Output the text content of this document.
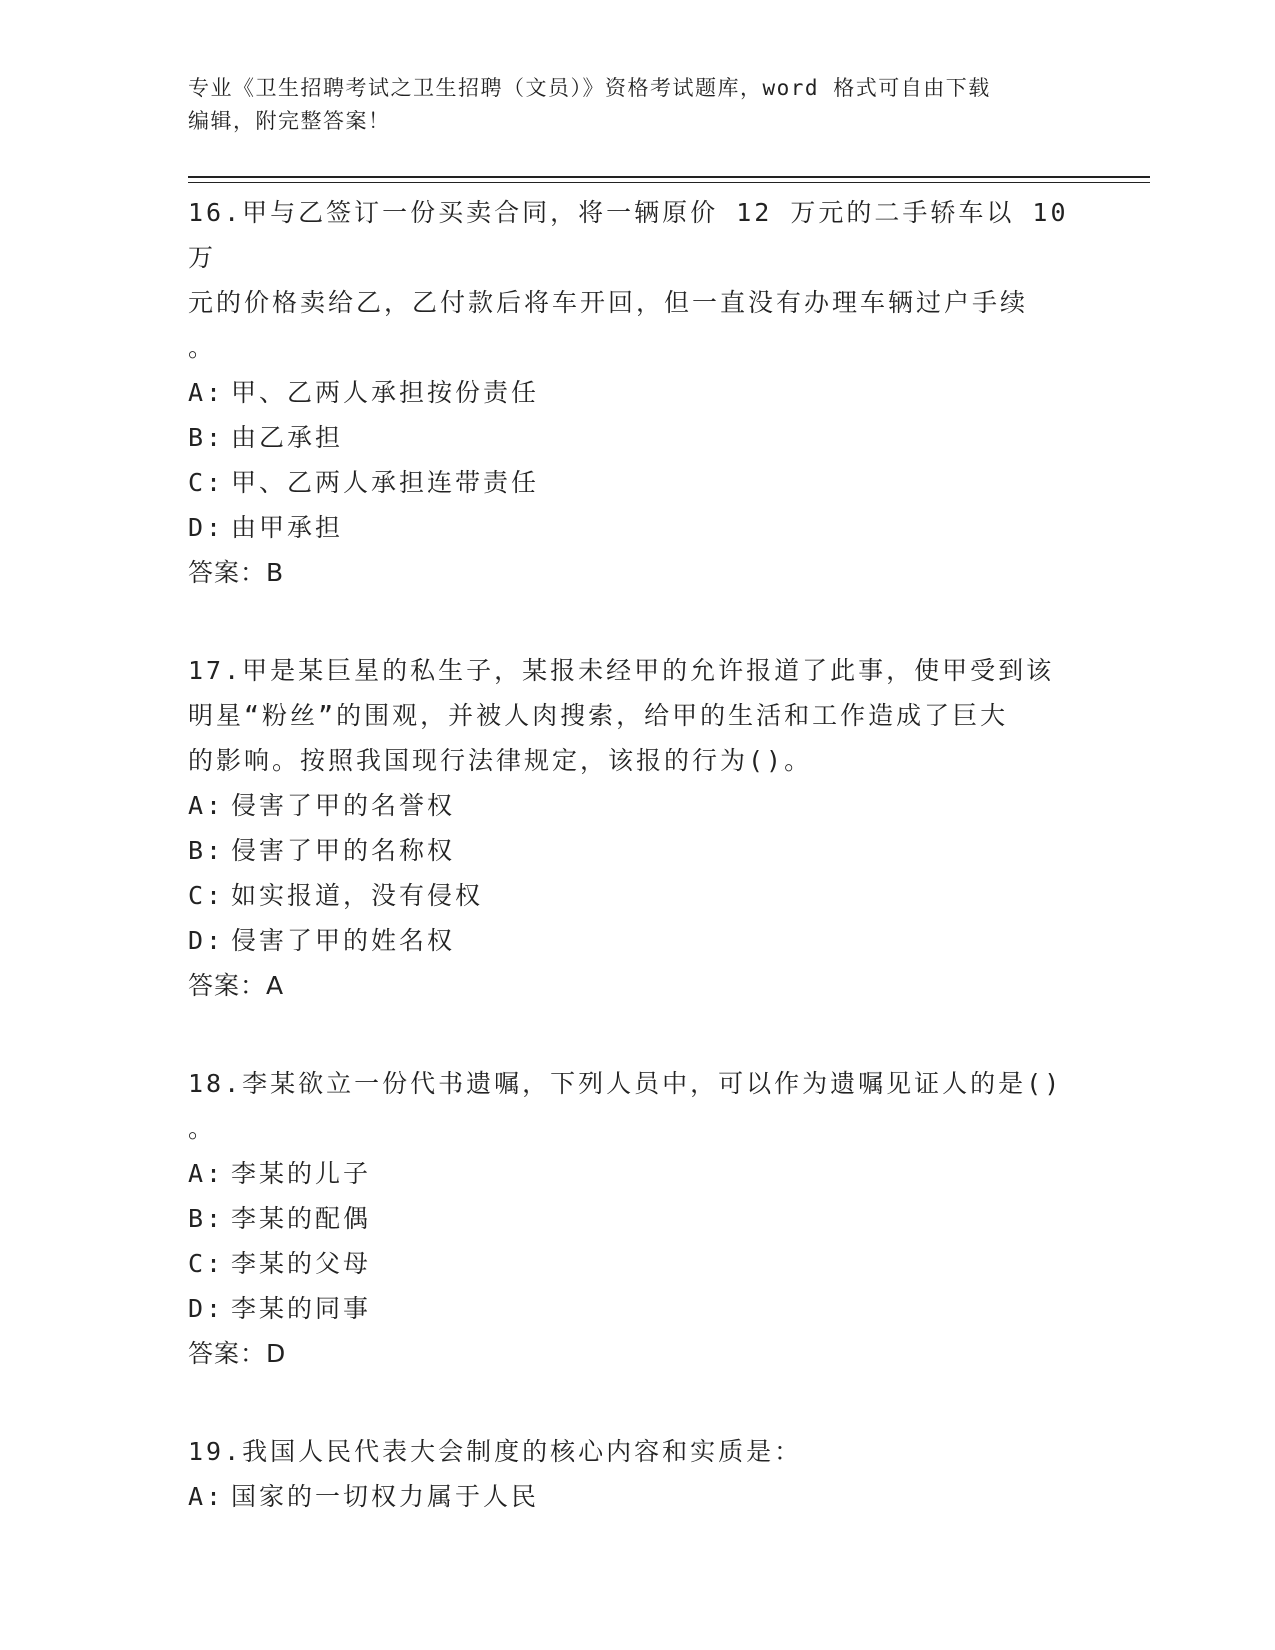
专业《卫生招聘考试之卫生招聘（文员）》资格考试题库，word 格式可自由下载
编辑，附完整答案！
16.甲与乙签订一份买卖合同，将一辆原价 12 万元的二手轿车以 10 万
元的价格卖给乙，乙付款后将车开回，但一直没有办理车辆过户手续
。
A: 甲、乙两人承担按份责任
B: 由乙承担
C: 甲、乙两人承担连带责任
D: 由甲承担
答案：B
17.甲是某巨星的私生子，某报未经甲的允许报道了此事，使甲受到该
明星“粉丝”的围观，并被人肉搜索，给甲的生活和工作造成了巨大
的影响。按照我国现行法律规定，该报的行为()。
A: 侵害了甲的名誉权
B: 侵害了甲的名称权
C: 如实报道，没有侵权
D: 侵害了甲的姓名权
答案：A
18.李某欲立一份代书遗嘱，下列人员中，可以作为遗嘱见证人的是()
。
A: 李某的儿子
B: 李某的配偶
C: 李某的父母
D: 李某的同事
答案：D
19.我国人民代表大会制度的核心内容和实质是：
A: 国家的一切权力属于人民
